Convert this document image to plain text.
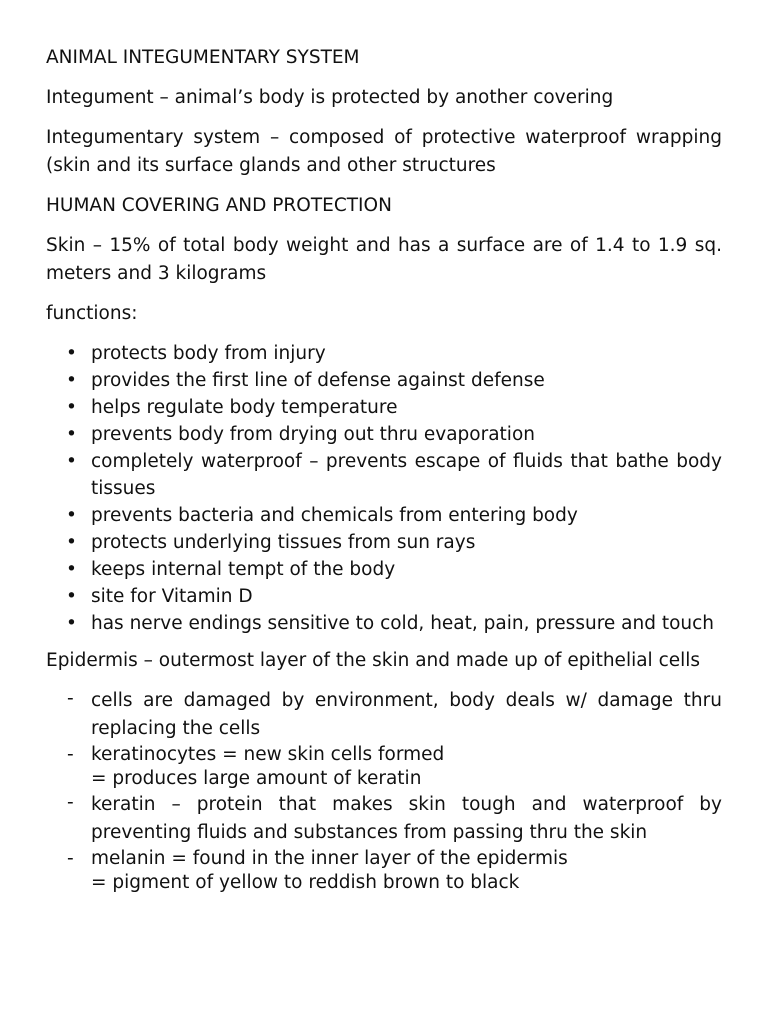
ANIMAL INTEGUMENTARY SYSTEM

Integument – animal’s body is protected by another covering

Integumentary system – composed of protective waterproof wrapping (skin and its surface glands and other structures

HUMAN COVERING AND PROTECTION

Skin – 15% of total body weight and has a surface are of 1.4 to 1.9 sq. meters and 3 kilograms

functions:

• protects body from injury
• provides the first line of defense against defense
• helps regulate body temperature
• prevents body from drying out thru evaporation
• completely waterproof – prevents escape of fluids that bathe body tissues
• prevents bacteria and chemicals from entering body
• protects underlying tissues from sun rays
• keeps internal tempt of the body
• site for Vitamin D
• has nerve endings sensitive to cold, heat, pain, pressure and touch

Epidermis – outermost layer of the skin and made up of epithelial cells

- cells are damaged by environment, body deals w/ damage thru replacing the cells
- keratinocytes = new skin cells formed
= produces large amount of keratin
- keratin – protein that makes skin tough and waterproof by preventing fluids and substances from passing thru the skin
- melanin = found in the inner layer of the epidermis
= pigment of yellow to reddish brown to black
